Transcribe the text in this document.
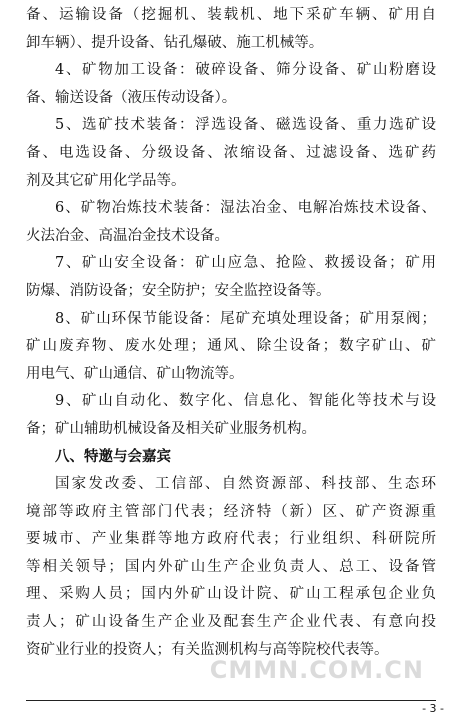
备、运输设备（挖掘机、装载机、地下采矿车辆、矿用自
卸车辆）、提升设备、钻孔爆破、施工机械等。
4、矿物加工设备：破碎设备、筛分设备、矿山粉磨设
备、输送设备（液压传动设备）。
5、选矿技术装备：浮选设备、磁选设备、重力选矿设
备、电选设备、分级设备、浓缩设备、过滤设备、选矿药
剂及其它矿用化学品等。
6、矿物冶炼技术装备：湿法冶金、电解冶炼技术设备、
火法冶金、高温冶金技术设备。
7、矿山安全设备：矿山应急、抢险、救援设备；矿用
防爆、消防设备；安全防护；安全监控设备等。
8、矿山环保节能设备：尾矿充填处理设备；矿用泵阀；
矿山废弃物、废水处理；通风、除尘设备；数字矿山、矿
用电气、矿山通信、矿山物流等。
9、矿山自动化、数字化、信息化、智能化等技术与设
备；矿山辅助机械设备及相关矿业服务机构。
八、特邀与会嘉宾
国家发改委、工信部、自然资源部、科技部、生态环
境部等政府主管部门代表；经济特（新）区、矿产资源重
要城市、产业集群等地方政府代表；行业组织、科研院所
等相关领导；国内外矿山生产企业负责人、总工、设备管
理、采购人员；国内外矿山设计院、矿山工程承包企业负
责人；矿山设备生产企业及配套生产企业代表、有意向投
资矿业行业的投资人；有关监测机构与高等院校代表等。
CMMN.COM.CN
- 3 -
